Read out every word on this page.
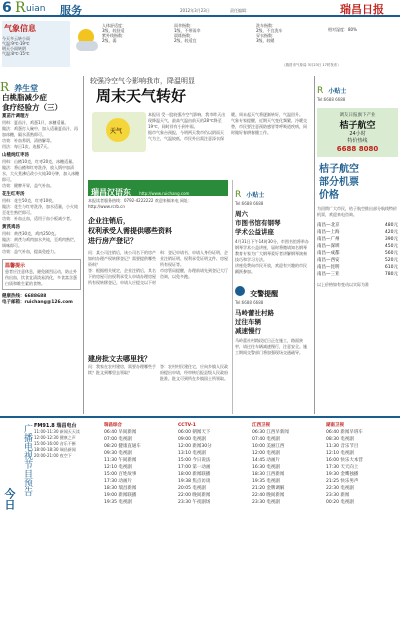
6 R uian 服务	2012年3月23日	责任编辑：	瑞昌日报
气象信息
今天多云转小雨
气温:9℃-19℃
明天小雨转阴
气温:8℃-15℃
人体舒适度：
3级，较舒适
紫外线指数：
2级，弱
雨伞指数：
1级，不带雨伞
晨练指数：
2级，较适宜
洗车指数：
2级，不宜洗车
穿衣指数：
3级，较暖
相对湿度：80%
（瑞昌市气象局 3月23日 17时发布）
R 养生堂
白桃脂减少症
食疗经验方（三）
夏苗汁调理方
用料：夏苗汁，鸡蛋1只，冰糖适量。
做法：鸡蛋打入碗中，加入适量夏苗汁，再加冰糖，隔水蒸熟即可。
功效：补血养阴，清热解毒。
用法：每日1次，连服7天。
山楂炖红枣汤
用料：山楂10克，红枣20克，冰糖适量。
做法：将山楂和红枣洗净，放入锅中加清水，大火煮沸后改小火炖30分钟，加入冰糖即可。
功效：健脾开胃，益气补血。
花生红枣汤
用料：花生50克，红枣10枚。
做法：花生与红枣洗净，加水适量，小火炖至花生熟烂即可。
功效：补血止血，适用于血小板减少者。
黄芪鸡汤
用料：黄芪30克，鸡肉250克。
做法：黄芪与鸡肉加水共炖，至鸡肉熟烂，调味即可。
功效：益气补血，提高免疫力。
温馨提示
患者应注意休息，避免剧烈运动，防止外伤出血，饮食宜清淡易消化，多食富含蛋白质和维生素的食物。
健康热线：6688688
电子邮箱：ruichang@126.com
较强冷空气今影响我市，降温明显
周末天气转好
天气
本报讯 受一股较强冷空气影响，我市昨天出现降温天气，最高气温由前天的28℃降至19℃，同时伴有小到中雨。
据市气象台预报，今明两天我市仍以阴雨天气为主，气温较低，市民外出需注意添衣保暖。周末起天气将逐渐转好，气温回升。
气象专家提醒，近期天气变化频繁，冷暖交替，市民要注意预防感冒等呼吸道疾病，同时做好春耕春播工作。
瑞昌汉语东 http://www.ruichang.com
本报读者服务热线：0792-4222222 欢迎来稿来电 网址：http://www.rcrb.cn
企业注销后，
权利承受人需提供哪些资料
进行房产登记？
问：某公司注销后，该公司名下的房产如何办理产权转移登记？需要提供哪些资料？
答：根据相关规定，企业注销后，其名下的房屋可由权利承受人申请办理房屋所有权转移登记。申请人应提交以下材料：登记申请书、申请人身份证明、企业注销证明、权利承受证明文件、房屋所有权证等。
市房管局提醒，办理前请先到登记大厅咨询，以免多跑。
建房批文去哪里找？
问：我家在农村建房，需要办理哪些手续？批文到哪里去领取？
答：农村村民建住宅，应向乡镇人民政府提出申请，经审核后报县级人民政府批准。批文可到所在乡镇国土所领取。
R 小贴士
Tel:6688 6688
周六
市图书馆有钢琴
学术公益讲座
4月31日下午14时30分，市图书馆将举办钢琴学术公益讲座，届时将邀请知名钢琴教育专家为广大钢琴爱好者讲解钢琴演奏技巧和学习方法。
讲座免费向市民开放，欢迎有兴趣的市民踊跃参加。
交警提醒
Tel:6688 6688
马岭蕾社村路
过往车辆
减速慢行
马岭蕾社村路段近日正在施工，路面狭窄，请过往车辆减速慢行，注意安全。施工期间交警部门将加强现场交通疏导。
R 小贴士
Tel:6688 6688
调友日报旗下产业
桔子航空
24小时
特价热线
6688 8080
桔子航空
部分机票
价格
为回馈广大市民，桔子航空推出部分航线特价机票，欢迎来电咨询。
南昌—北京	480元
南昌—上海	420元
南昌—广州	390元
南昌—深圳	450元
南昌—成都	560元
南昌—西安	520元
南昌—昆明	610元
南昌—三亚	780元
以上价格如有变动以实际为准
今日
广播电视节目预告 FM91.8 瑞昌电台
11:00-11:30 新闻天天读
12:00-12:30 健康之声
15:00-16:00 音乐不断
18:00-18:30 瑞昌新闻
20:00-21:00 夜空下
瑞昌综合
06:40 早间新闻
07:00 电视剧
08:20 健康直通车
09:30 电视剧
11:30 午间新闻
12:10 电视剧
15:00 百姓故事
17:30 动画片
18:30 瑞昌新闻
19:00 新闻联播
19:35 电视剧
CCTV-1
06:00 朝闻天下
09:00 电视剧
12:00 新闻30分
13:10 电视剧
15:00 今日说法
17:00 第一动画
18:00 新闻联播
19:38 焦点访谈
20:05 电视剧
22:00 晚间新闻
23:30 午夜剧场
江西卫视
06:30 江西早新闻
07:40 电视剧
10:00 美丽江西
12:00 电视剧
14:45 动画片
16:30 电视剧
18:30 江西新闻
19:35 电视剧
21:20 金牌调解
22:40 晚间新闻
23:30 电视剧
湖南卫视
06:40 新闻早班车
08:30 电视剧
11:30 音乐节目
12:10 电视剧
16:00 快乐大本营
17:30 天天向上
19:30 金鹰独播
21:25 快乐男声
22:30 电视剧
23:30 新闻
00:20 电视剧
